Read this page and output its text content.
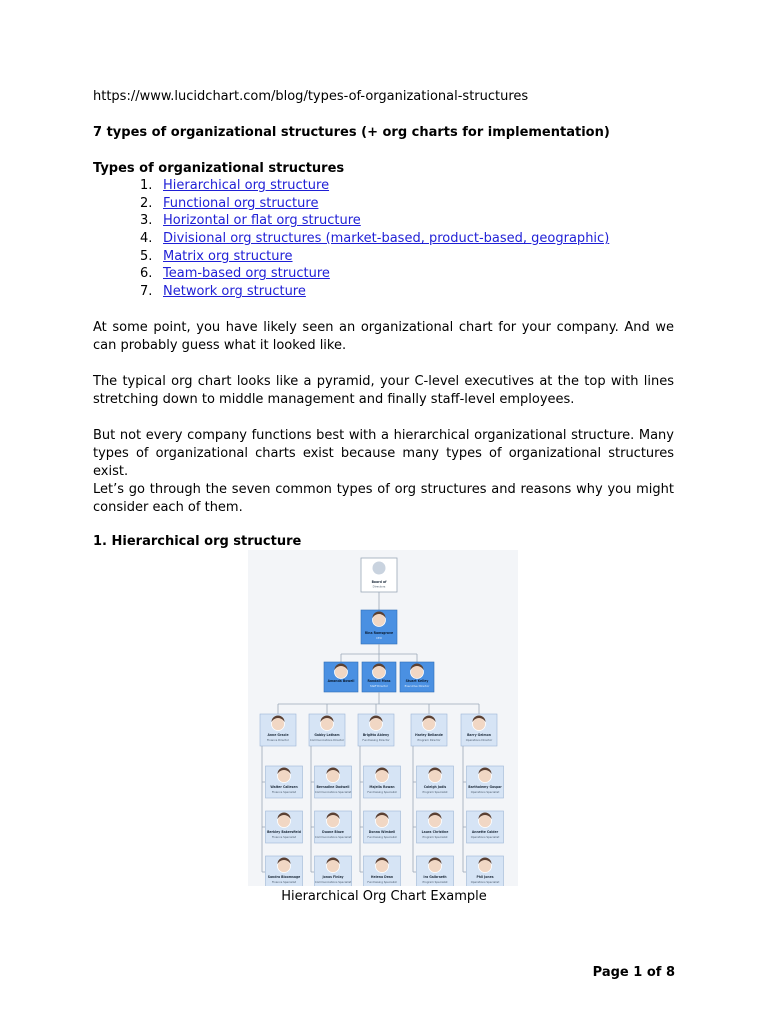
https://www.lucidchart.com/blog/types-of-organizational-structures

7 types of organizational structures (+ org charts for implementation)

Types of organizational structures

1. Hierarchical org structure
2. Functional org structure
3. Horizontal or flat org structure
4. Divisional org structures (market-based, product-based, geographic)
5. Matrix org structure
6. Team-based org structure
7. Network org structure

At some point, you have likely seen an organizational chart for your company. And we can probably guess what it looked like.

The typical org chart looks like a pyramid, your C-level executives at the top with lines stretching down to middle management and finally staff-level employees.

But not every company functions best with a hierarchical organizational structure. Many types of organizational charts exist because many types of organizational structures exist.

Let’s go through the seven common types of org structures and reasons why you might consider each of them.

1. Hierarchical org structure

Board of
Directors
Rina Ramsgrove
CEO
Amanda Bowell	Randall Moss
Staff Director
Stuart Kelley
Executive Director
Anne Gracie
Finance Director
Gabby Latham
Communications Director
Brigitta Ableny
Fundraising Director
Harley Bellande
Program Director
Barry Gelmon
Operations Director
Walter Callesen
Finance Specialist
Berkley Bakersfield
Finance Specialist
Sandra Bloomsage
Finance Specialist
Bernadine Dodwell
Communications Specialist
Duane Blaze
Communications Specialist
Jonas Finlay
Communications Specialist
Majella Rowan
Fundraising Specialist
Donna Wimbell
Fundraising Specialist
Helena Dean
Fundraising Specialist
Caleigh Jodis
Program Specialist
Laura Christine
Program Specialist
Ira Galbraeth
Program Specialist
Bartholemy Gaspar
Operations Specialist
Annette Calder
Operations Specialist
Phil Jones
Operations Specialist

Hierarchical Org Chart Example

Page 1 of 8
